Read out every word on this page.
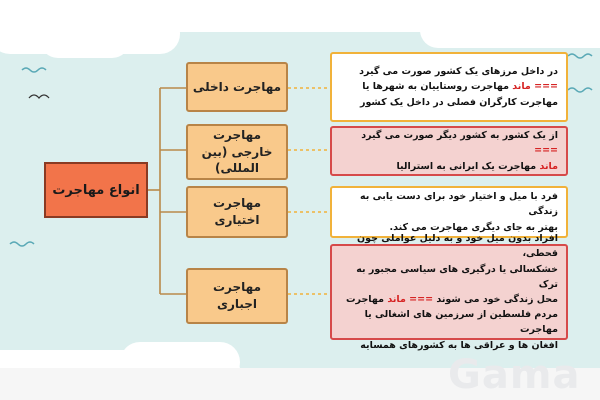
انواع مهاجرت
مهاجرت داخلی
مهاجرت خارجی (بین المللی)
مهاجرت اختیاری
مهاجرت اجباری
در داخل مرزهای یک کشور صورت می گیرد
=== ماند مهاجرت روستاییان به شهرها یا
مهاجرت کارگران فصلی در داخل یک کشور
از یک کشور به کشور دیگر صورت می گیرد ===
ماند مهاجرت یک ایرانی به استرالیا
فرد با میل و اختیار خود برای دست یابی به زندگی
بهتر به جای دیگری مهاجرت می کند.
افراد بدون میل خود و به دلیل عواملی چون قحطی،
خشکسالی یا درگیری های سیاسی مجبور به ترک
محل زندگی خود می شوند === ماند مهاجرت
مردم فلسطین از سرزمین های اشغالی یا مهاجرت
افغان ها و عراقی ها به کشورهای همسایه
Gama
